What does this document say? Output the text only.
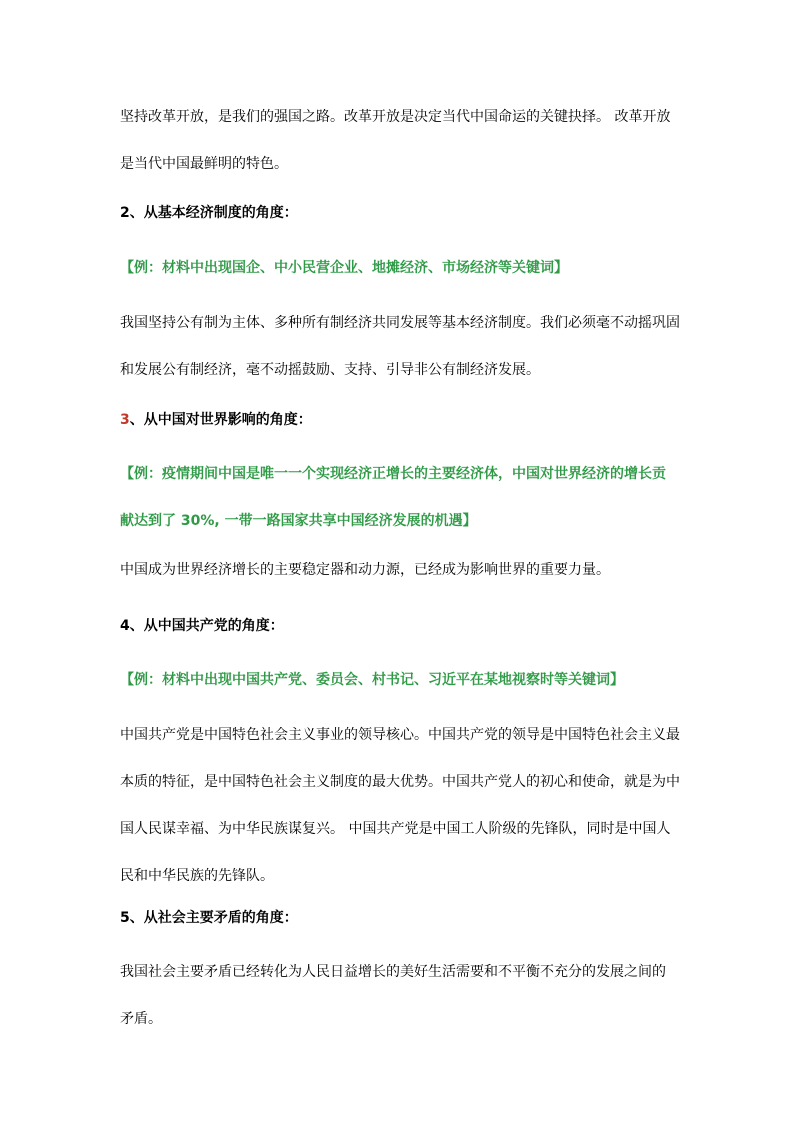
坚持改革开放，是我们的强国之路。改革开放是决定当代中国命运的关键抉择。 改革开放
是当代中国最鲜明的特色。
2、从基本经济制度的角度：
【例：材料中出现国企、中小民营企业、地摊经济、市场经济等关键词】
我国坚持公有制为主体、多种所有制经济共同发展等基本经济制度。我们必须毫不动摇巩固
和发展公有制经济，毫不动摇鼓励、支持、引导非公有制经济发展。
3、从中国对世界影响的角度：
【例：疫情期间中国是唯一一个实现经济正增长的主要经济体，中国对世界经济的增长贡
献达到了 30%, 一带一路国家共享中国经济发展的机遇】
中国成为世界经济增长的主要稳定器和动力源，已经成为影响世界的重要力量。
4、从中国共产党的角度：
【例：材料中出现中国共产党、委员会、村书记、习近平在某地视察时等关键词】
中国共产党是中国特色社会主义事业的领导核心。中国共产党的领导是中国特色社会主义最
本质的特征，是中国特色社会主义制度的最大优势。中国共产党人的初心和使命，就是为中
国人民谋幸福、为中华民族谋复兴。 中国共产党是中国工人阶级的先锋队，同时是中国人
民和中华民族的先锋队。
5、从社会主要矛盾的角度：
我国社会主要矛盾已经转化为人民日益增长的美好生活需要和不平衡不充分的发展之间的
矛盾。
